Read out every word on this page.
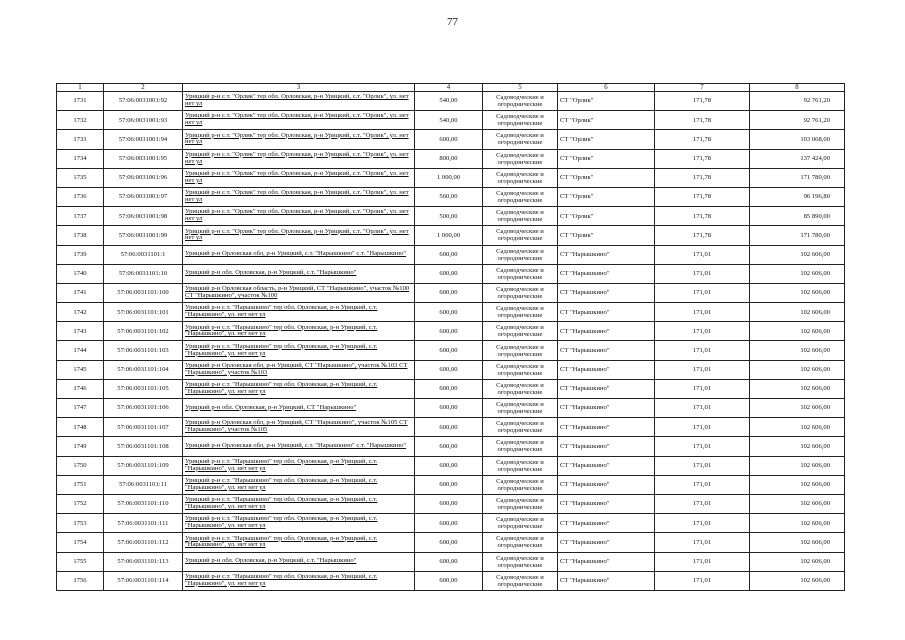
77
1	2	3	4	5	6	7	8
1731	57:06:0031001:92	Урицкий р-н с.т. "Орлик" тер обл. Орловская, р-н Урицкий, с.т. "Орлик", ул. нет нет ул	540,00	Садоводческие и огороднические	СТ "Орлик"	171,78	92 761,20
1732	57:06:0031001:93	Урицкий р-н с.т. "Орлик" тер обл. Орловская, р-н Урицкий, с.т. "Орлик", ул. нет нет ул	540,00	Садоводческие и огороднические	СТ "Орлик"	171,78	92 761,20
1733	57:06:0031001:94	Урицкий р-н с.т. "Орлик" тер обл. Орловская, р-н Урицкий, с.т. "Орлик", ул. нет нет ул	600,00	Садоводческие и огороднические	СТ "Орлик"	171,78	103 068,00
1734	57:06:0031001:95	Урицкий р-н с.т. "Орлик" тер обл. Орловская, р-н Урицкий, с.т. "Орлик", ул. нет нет ул	800,00	Садоводческие и огороднические	СТ "Орлик"	171,78	137 424,00
1735	57:06:0031001:96	Урицкий р-н с.т. "Орлик" тер обл. Орловская, р-н Урицкий, с.т. "Орлик", ул. нет нет ул	1 000,00	Садоводческие и огороднические	СТ "Орлик"	171,78	171 780,00
1736	57:06:0031001:97	Урицкий р-н с.т. "Орлик" тер обл. Орловская, р-н Урицкий, с.т. "Орлик", ул. нет нет ул	560,00	Садоводческие и огороднические	СТ "Орлик"	171,78	96 196,80
1737	57:06:0031001:98	Урицкий р-н с.т. "Орлик" тер обл. Орловская, р-н Урицкий, с.т. "Орлик", ул. нет нет ул	500,00	Садоводческие и огороднические	СТ "Орлик"	171,78	85 890,00
1738	57:06:0031001:99	Урицкий р-н с.т. "Орлик" тер обл. Орловская, р-н Урицкий, с.т. "Орлик", ул. нет нет ул	1 000,00	Садоводческие и огороднические	СТ "Орлик"	171,78	171 780,00
1739	57:06:0031101:1	Урицкий р-н Орловская обл, р-н Урицкий, с.т. "Нарышкино" с.т. "Нарышкино"	600,00	Садоводческие и огороднические	СТ "Нарышкино"	171,01	102 606,00
1740	57:06:0031101:10	Урицкий р-н обл. Орловская, р-н Урицкий, с.т. "Нарышкино"	600,00	Садоводческие и огороднические	СТ "Нарышкино"	171,01	102 606,00
1741	57:06:0031101:100	Урицкий р-н Орловская область, р-н Урицкий, СТ "Нарышкино", участок №100 СТ "Нарышкино", участок №100	600,00	Садоводческие и огороднические	СТ "Нарышкино"	171,01	102 606,00
1742	57:06:0031101:101	Урицкий р-н с.т. "Нарышкино" тер обл. Орловская, р-н Урицкий, с.т. "Нарышкино", ул. нет нет ул	600,00	Садоводческие и огороднические	СТ "Нарышкино"	171,01	102 606,00
1743	57:06:0031101:102	Урицкий р-н с.т. "Нарышкино" тер обл. Орловская, р-н Урицкий, с.т. "Нарышкино", ул. нет нет ул	600,00	Садоводческие и огороднические	СТ "Нарышкино"	171,01	102 606,00
1744	57:06:0031101:103	Урицкий р-н с.т. "Нарышкино" тер обл. Орловская, р-н Урицкий, с.т. "Нарышкино", ул. нет нет ул	600,00	Садоводческие и огороднические	СТ "Нарышкино"	171,01	102 606,00
1745	57:06:0031101:104	Урицкий р-н Орловская обл, р-н Урицкий, СТ "Нарышкино", участок №103 СТ "Нарышкино", участок №103	600,00	Садоводческие и огороднические	СТ "Нарышкино"	171,01	102 606,00
1746	57:06:0031101:105	Урицкий р-н с.т. "Нарышкино" тер обл. Орловская, р-н Урицкий, с.т. "Нарышкино", ул. нет нет ул	600,00	Садоводческие и огороднические	СТ "Нарышкино"	171,01	102 606,00
1747	57:06:0031101:106	Урицкий р-н обл. Орловская, р-н Урицкий, СТ "Нарышкино"	600,00	Садоводческие и огороднические	СТ "Нарышкино"	171,01	102 606,00
1748	57:06:0031101:107	Урицкий р-н Орловская обл, р-н Урицкий, СТ "Нарышкино", участок №105 СТ "Нарышкино", участок №105	600,00	Садоводческие и огороднические	СТ "Нарышкино"	171,01	102 606,00
1749	57:06:0031101:108	Урицкий р-н Орловская обл, р-н Урицкий, с.т. "Нарышкино" с.т. "Нарышкино"	600,00	Садоводческие и огороднические	СТ "Нарышкино"	171,01	102 606,00
1750	57:06:0031101:109	Урицкий р-н с.т. "Нарышкино" тер обл. Орловская, р-н Урицкий, с.т. "Нарышкино", ул. нет нет ул	600,00	Садоводческие и огороднические	СТ "Нарышкино"	171,01	102 606,00
1751	57:06:0031101:11	Урицкий р-н с.т. "Нарышкино" тер обл. Орловская, р-н Урицкий, с.т. "Нарышкино", ул. нет нет ул	600,00	Садоводческие и огороднические	СТ "Нарышкино"	171,01	102 606,00
1752	57:06:0031101:110	Урицкий р-н с.т. "Нарышкино" тер обл. Орловская, р-н Урицкий, с.т. "Нарышкино", ул. нет нет ул	600,00	Садоводческие и огороднические	СТ "Нарышкино"	171,01	102 606,00
1753	57:06:0031101:111	Урицкий р-н с.т. "Нарышкино" тер обл. Орловская, р-н Урицкий, с.т. "Нарышкино", ул. нет нет ул	600,00	Садоводческие и огороднические	СТ "Нарышкино"	171,01	102 606,00
1754	57:06:0031101:112	Урицкий р-н с.т. "Нарышкино" тер обл. Орловская, р-н Урицкий, с.т. "Нарышкино", ул. нет нет ул	600,00	Садоводческие и огороднические	СТ "Нарышкино"	171,01	102 606,00
1755	57:06:0031101:113	Урицкий р-н обл. Орловская, р-н Урицкий, с.т. "Нарышкино"	600,00	Садоводческие и огороднические	СТ "Нарышкино"	171,01	102 606,00
1756	57:06:0031101:114	Урицкий р-н с.т. "Нарышкино" тер обл. Орловская, р-н Урицкий, с.т. "Нарышкино", ул. нет нет ул	600,00	Садоводческие и огороднические	СТ "Нарышкино"	171,01	102 606,00
